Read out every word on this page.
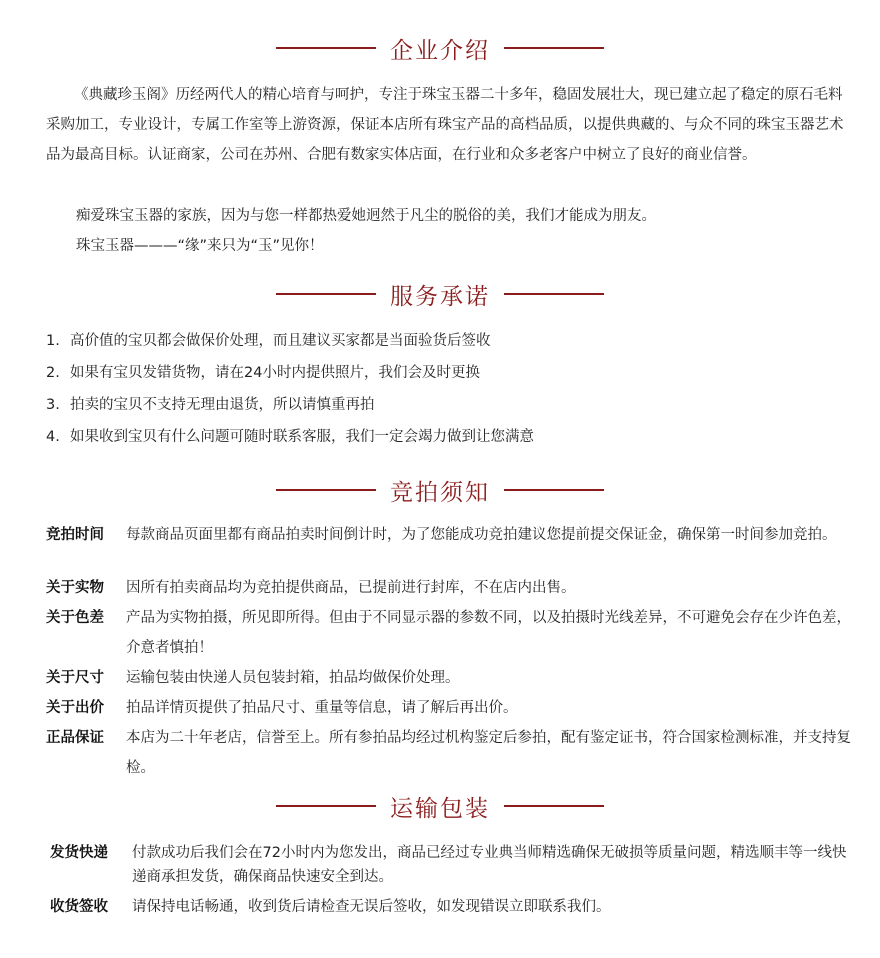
企业介绍
《典藏珍玉阁》历经两代人的精心培育与呵护，专注于珠宝玉器二十多年，稳固发展壮大，现已建立起了稳定的原石毛料采购加工，专业设计，专属工作室等上游资源，保证本店所有珠宝产品的高档品质，以提供典藏的、与众不同的珠宝玉器艺术品为最高目标。认证商家，公司在苏州、合肥有数家实体店面，在行业和众多老客户中树立了良好的商业信誉。
痴爱珠宝玉器的家族，因为与您一样都热爱她迥然于凡尘的脱俗的美，我们才能成为朋友。
珠宝玉器———“缘”来只为“玉”见你！
服务承诺
1. 高价值的宝贝都会做保价处理，而且建议买家都是当面验货后签收
2. 如果有宝贝发错货物，请在24小时内提供照片，我们会及时更换
3. 拍卖的宝贝不支持无理由退货，所以请慎重再拍
4. 如果收到宝贝有什么问题可随时联系客服，我们一定会竭力做到让您满意
竞拍须知
竞拍时间	每款商品页面里都有商品拍卖时间倒计时，为了您能成功竞拍建议您提前提交保证金，确保第一时间参加竞拍。
关于实物	因所有拍卖商品均为竞拍提供商品，已提前进行封库，不在店内出售。
关于色差	产品为实物拍摄，所见即所得。但由于不同显示器的参数不同，以及拍摄时光线差异，不可避免会存在少许色差，介意者慎拍！
关于尺寸	运输包装由快递人员包装封箱，拍品均做保价处理。
关于出价	拍品详情页提供了拍品尺寸、重量等信息，请了解后再出价。
正品保证	本店为二十年老店，信誉至上。所有参拍品均经过机构鉴定后参拍，配有鉴定证书，符合国家检测标准，并支持复检。
运输包装
发货快递	付款成功后我们会在72小时内为您发出，商品已经过专业典当师精选确保无破损等质量问题，精选顺丰等一线快递商承担发货，确保商品快速安全到达。
收货签收	请保持电话畅通，收到货后请检查无误后签收，如发现错误立即联系我们。
